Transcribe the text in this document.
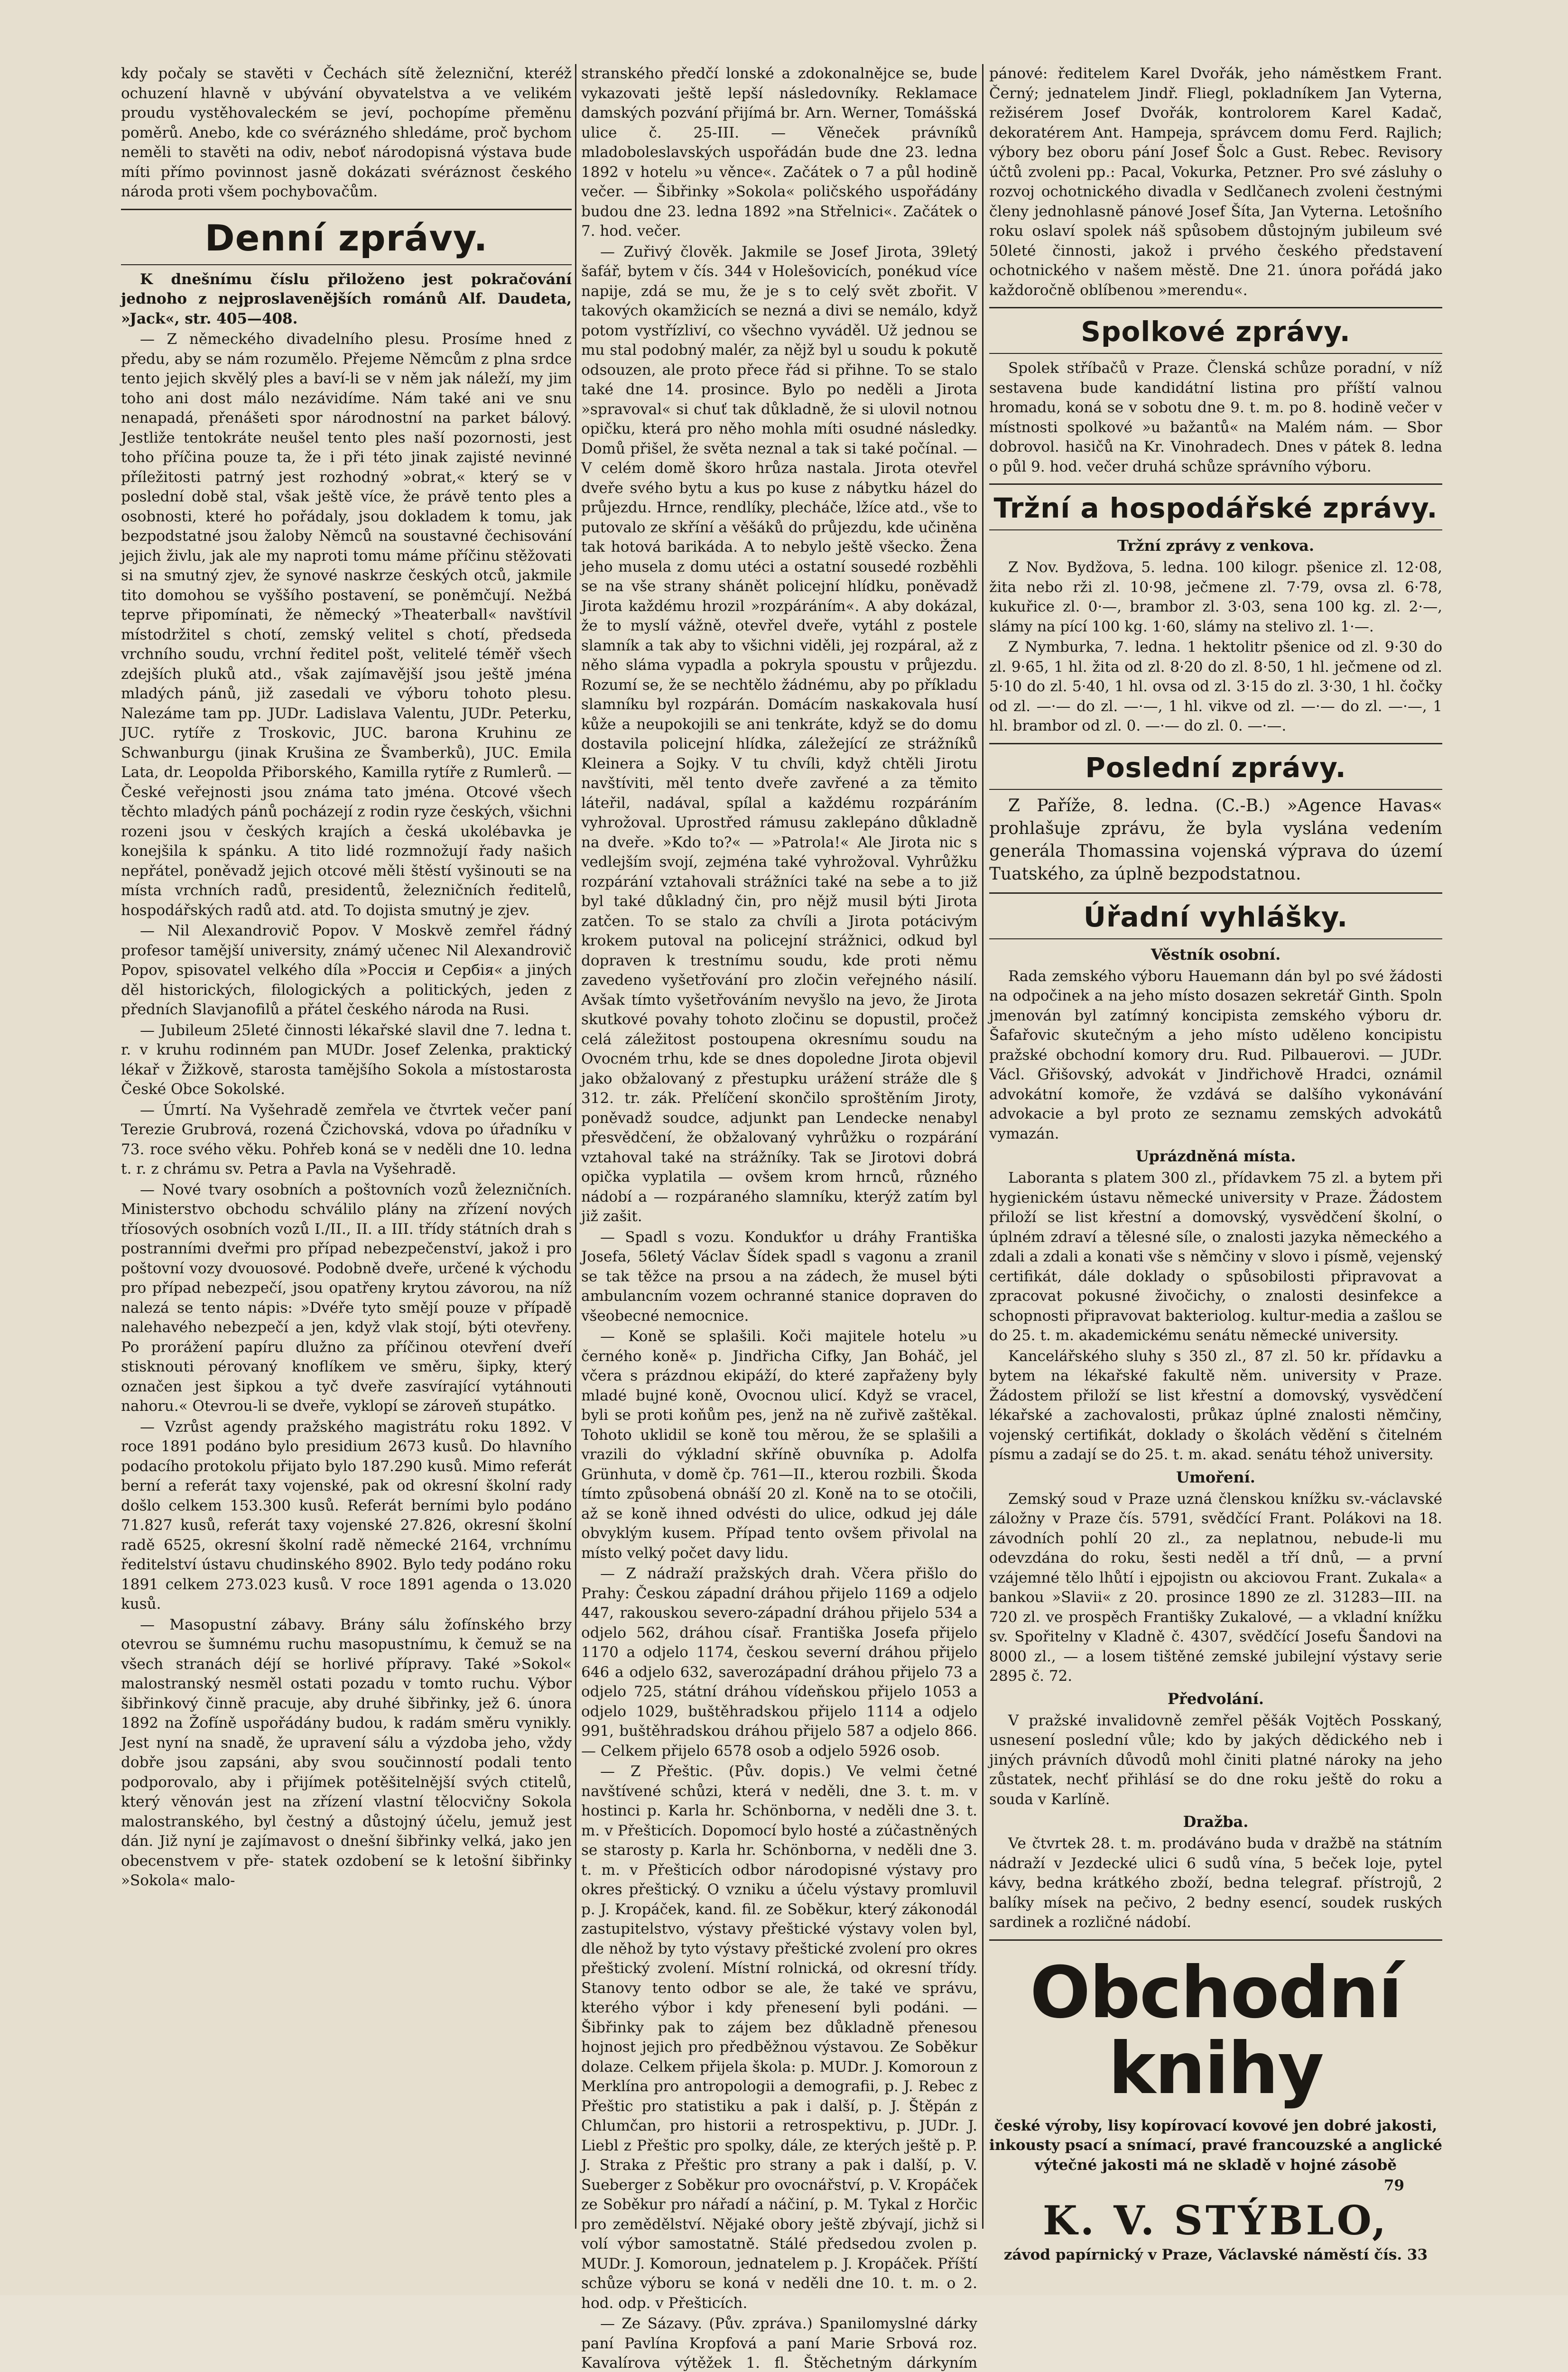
kdy počaly se stavěti v Čechách sítě železniční, kteréž ochuzení hlavně v ubývání obyvatelstva a ve velikém proudu vystěhovaleckém se jeví, pochopíme přeměnu poměrů. Anebo, kde co svérázného shledáme, proč bychom neměli to stavěti na odiv, neboť národopisná výstava bude míti přímo povinnost jasně dokázati svéráznost českého národa proti všem pochybovačům.

Denní zprávy.

K dnešnímu číslu přiloženo jest pokračování jednoho z nejproslavenějších románů Alf. Daudeta, »Jack«, str. 405—408.

— Z německého divadelního plesu. Prosíme hned z předu, aby se nám rozumělo. Přejeme Němcům z plna srdce tento jejich skvělý ples a baví-li se v něm jak náleží, my jim toho ani dost málo nezávidíme. Nám také ani ve snu nenapadá, přenášeti spor národnostní na parket bálový. Jestliže tentokráte neušel tento ples naší pozornosti, jest toho příčina pouze ta, že i při této jinak zajisté nevinné příležitosti patrný jest rozhodný »obrat,« který se v poslední době stal, však ještě více, že právě tento ples a osobnosti, které ho pořádaly, jsou dokladem k tomu, jak bezpodstatné jsou žaloby Němců na soustavné čechisování jejich živlu, jak ale my naproti tomu máme příčinu stěžovati si na smutný zjev, že synové naskrze českých otců, jakmile tito domohou se vyššího postavení, se poněmčují. Nežbá teprve připomínati, že německý »Theaterball« navštívil místodržitel s chotí, zemský velitel s chotí, předseda vrchního soudu, vrchní ředitel pošt, velitelé téměř všech zdejších pluků atd., však zajímavější jsou ještě jména mladých pánů, již zasedali ve výboru tohoto plesu. Nalezáme tam pp. JUDr. Ladislava Valentu, JUDr. Peterku, JUC. rytíře z Troskovic, JUC. barona Kruhinu ze Schwanburgu (jinak Krušina ze Švamberků), JUC. Emila Lata, dr. Leopolda Přiborského, Kamilla rytíře z Rumlerů. — České veřejnosti jsou známa tato jména. Otcové všech těchto mladých pánů pocházejí z rodin ryze českých, všichni rozeni jsou v českých krajích a česká ukolébavka je konejšila k spánku. A tito lidé rozmnožují řady našich nepřátel, poněvadž jejich otcové měli štěstí vyšinouti se na místa vrchních radů, presidentů, železničních ředitelů, hospodářských radů atd. atd. To dojista smutný je zjev.

— Nil Alexandrovič Popov. V Moskvě zemřel řádný profesor tamější university, známý učenec Nil Alexandrovič Popov, spisovatel velkého díla »Россія и Сербія« a jiných děl historických, filologických a politických, jeden z předních Slavjanofilů a přátel českého národa na Rusi.

— Jubileum 25leté činnosti lékařské slavil dne 7. ledna t. r. v kruhu rodinném pan MUDr. Josef Zelenka, praktický lékař v Žižkově, starosta tamějšího Sokola a místostarosta České Obce Sokolské.

— Úmrtí. Na Vyšehradě zemřela ve čtvrtek večer paní Terezie Grubrová, rozená Čzichovská, vdova po úřadníku v 73. roce svého věku. Pohřeb koná se v neděli dne 10. ledna t. r. z chrámu sv. Petra a Pavla na Vyšehradě.

— Nové tvary osobních a poštovních vozů železničních. Ministerstvo obchodu schválilo plány na zřízení nových tříosových osobních vozů I./II., II. a III. třídy státních drah s postranními dveřmi pro případ nebezpečenství, jakož i pro poštovní vozy dvouosové. Podobně dveře, určené k východu pro případ nebezpečí, jsou opatřeny krytou závorou, na níž nalezá se tento nápis: »Dvéře tyto smějí pouze v případě nalehavého nebezpečí a jen, když vlak stojí, býti otevřeny. Po prorážení papíru dlužno za příčinou otevření dveří stisknouti pérovaný knoflíkem ve směru, šipky, který označen jest šipkou a tyč dveře zasvírající vytáhnouti nahoru.« Otevrou-li se dveře, vyklopí se zároveň stupátko.

— Vzrůst agendy pražského magistrátu roku 1892. V roce 1891 podáno bylo presidium 2673 kusů. Do hlavního podacího protokolu přijato bylo 187.290 kusů. Mimo referát berní a referát taxy vojenské, pak od okresní školní rady došlo celkem 153.300 kusů. Referát berními bylo podáno 71.827 kusů, referát taxy vojenské 27.826, okresní školní radě 6525, okresní školní radě německé 2164, vrchnímu ředitelství ústavu chudinského 8902. Bylo tedy podáno roku 1891 celkem 273.023 kusů. V roce 1891 agenda o 13.020 kusů.

— Masopustní zábavy. Brány sálu žofínského brzy otevrou se šumnému ruchu masopustnímu, k čemuž se na všech stranách déjí se horlivé přípravy. Také »Sokol« malostranský nesměl ostati pozadu v tomto ruchu. Výbor šibřinkový činně pracuje, aby druhé šibřinky, jež 6. února 1892 na Žofíně uspořádány budou, k radám směru vynikly. Jest nyní na snadě, že upravení sálu a výzdoba jeho, vždy dobře jsou zapsáni, aby svou součinností podali tento podporovalo, aby i přijímek potěšitelnější svých ctitelů, který věnován jest na zřízení vlastní tělocvičny Sokola malostranského, byl čestný a důstojný účelu, jemuž jest dán. Již nyní je zajímavost o dnešní šibřinky velká, jako jen obecenstvem v pře- statek ozdobení se k letošní šibřinky »Sokola« malo-

stranského předčí lonské a zdokonalnějce se, bude vykazovati ještě lepší následovníky. Reklamace damských pozvání přijímá br. Arn. Werner, Tomášská ulice č. 25-III. — Věneček právníků mladoboleslavských uspořádán bude dne 23. ledna 1892 v hotelu »u věnce«. Začátek o 7 a půl hodině večer. — Šibřinky »Sokola« poličského uspořádány budou dne 23. ledna 1892 »na Střelnici«. Začátek o 7. hod. večer.

— Zuřivý člověk. Jakmile se Josef Jirota, 39letý šafář, bytem v čís. 344 v Holešovicích, ponékud více napije, zdá se mu, že je s to celý svět zbořit. V takových okamžicích se nezná a divi se nemálo, když potom vystřízliví, co všechno vyváděl. Už jednou se mu stal podobný malér, za nějž byl u soudu k pokutě odsouzen, ale proto přece řád si přihne. To se stalo také dne 14. prosince. Bylo po neděli a Jirota »spravoval« si chuť tak důkladně, že si ulovil notnou opičku, která pro něho mohla míti osudné následky. Domů přišel, že světa neznal a tak si také počínal. — V celém domě škoro hrůza nastala. Jirota otevřel dveře svého bytu a kus po kuse z nábytku házel do průjezdu. Hrnce, rendlíky, plecháče, lžíce atd., vše to putovalo ze skříní a věšáků do průjezdu, kde učiněna tak hotová barikáda. A to nebylo ještě všecko. Žena jeho musela z domu utéci a ostatní sousedé rozběhli se na vše strany shánět policejní hlídku, poněvadž Jirota každému hrozil »rozpáráním«. A aby dokázal, že to myslí vážně, otevřel dveře, vytáhl z postele slamník a tak aby to všichni viděli, jej rozpáral, až z něho sláma vypadla a pokryla spoustu v průjezdu. Rozumí se, že se nechtělo žádnému, aby po příkladu slamníku byl rozpárán. Domácím naskakovala husí kůže a neupokojili se ani tenkráte, když se do domu dostavila policejní hlídka, záležející ze strážníků Kleinera a Sojky. V tu chvíli, když chtěli Jirotu navštíviti, měl tento dveře zavřené a za těmito láteřil, nadával, spílal a každému rozpáráním vyhrožoval. Uprostřed rámusu zaklepáno důkladně na dveře. »Kdo to?« — »Patrola!« Ale Jirota nic s vedlejším svojí, zejména také vyhrožoval. Vyhrůžku rozpárání vztahovali strážníci také na sebe a to již byl také důkladný čin, pro nějž musil býti Jirota zatčen. To se stalo za chvíli a Jirota potácivým krokem putoval na policejní strážnici, odkud byl dopraven k trestnímu soudu, kde proti němu zavedeno vyšetřování pro zločin veřejného násilí. Avšak tímto vyšetřováním nevyšlo na jevo, že Jirota skutkové povahy tohoto zločinu se dopustil, pročež celá záležitost postoupena okresnímu soudu na Ovocném trhu, kde se dnes dopoledne Jirota objevil jako obžalovaný z přestupku urážení stráže dle § 312. tr. zák. Přelíčení skončilo sproštěním Jiroty, poněvadž soudce, adjunkt pan Lendecke nenabyl přesvědčení, že obžalovaný vyhrůžku o rozpárání vztahoval také na strážníky. Tak se Jirotovi dobrá opička vyplatila — ovšem krom hrnců, různého nádobí a — rozpáraného slamníku, kterýž zatím byl již zašit.

— Spadl s vozu. Kondukťor u dráhy Františka Josefa, 56letý Václav Šídek spadl s vagonu a zranil se tak těžce na prsou a na zádech, že musel býti ambulancním vozem ochranné stanice dopraven do všeobecné nemocnice.

— Koně se splašili. Koči majitele hotelu »u černého koně« p. Jindřicha Cifky, Jan Boháč, jel včera s prázdnou ekipáží, do které zapřaženy byly mladé bujné koně, Ovocnou ulicí. Když se vracel, byli se proti koňům pes, jenž na ně zuřivě zaštěkal. Tohoto uklidil se koně tou měrou, že se splašili a vrazili do výkladní skříně obuvníka p. Adolfa Grünhuta, v domě čp. 761—II., kterou rozbili. Škoda tímto způsobená obnáší 20 zl. Koně na to se otočili, až se koně ihned odvésti do ulice, odkud jej dále obvyklým kusem. Případ tento ovšem přivolal na místo velký počet davy lidu.

— Z nádraží pražských drah. Včera přišlo do Prahy: Českou západní dráhou přijelo 1169 a odjelo 447, rakouskou severo-západní dráhou přijelo 534 a odjelo 562, dráhou císař. Františka Josefa přijelo 1170 a odjelo 1174, českou severní dráhou přijelo 646 a odjelo 632, saverozápadní dráhou přijelo 73 a odjelo 725, státní dráhou vídeňskou přijelo 1053 a odjelo 1029, buštěhradskou přijelo 1114 a odjelo 991, buštěhradskou dráhou přijelo 587 a odjelo 866. — Celkem přijelo 6578 osob a odjelo 5926 osob.

— Z Přeštic. (Pův. dopis.) Ve velmi četné navštívené schůzi, která v neděli, dne 3. t. m. v hostinci p. Karla hr. Schönborna, v neděli dne 3. t. m. v Přešticích. Dopomocí bylo hosté a zúčastněných se starosty p. Karla hr. Schönborna, v neděli dne 3. t. m. v Přešticích odbor národopisné výstavy pro okres přeštický. O vzniku a účelu výstavy promluvil p. J. Kropáček, kand. fil. ze Soběkur, který zákonodál zastupitelstvo, výstavy přeštické výstavy volen byl, dle něhož by tyto výstavy přeštické zvolení pro okres přeštický zvolení. Místní rolnická, od okresní třídy. Stanovy tento odbor se ale, že také ve správu, kterého výbor i kdy přenesení byli podáni. — Šibřinky pak to zájem bez důkladně přenesou hojnost jejich pro předběžnou výstavou. Ze Soběkur dolaze. Celkem přijela škola: p. MUDr. J. Komoroun z Merklína pro antropologii a demografii, p. J. Rebec z Přeštic pro statistiku a pak i další, p. J. Štěpán z Chlumčan, pro historii a retrospektivu, p. JUDr. J. Liebl z Přeštic pro spolky, dále, ze kterých ještě p. P. J. Straka z Přeštic pro strany a pak i další, p. V. Sueberger z Soběkur pro ovocnářství, p. V. Kropáček ze Soběkur pro nářadí a náčiní, p. M. Tykal z Horčic pro zemědělství. Nějaké obory ještě zbývají, jichž si volí výbor samostatně. Stálé předsedou zvolen p. MUDr. J. Komoroun, jednatelem p. J. Kropáček. Příští schůze výboru se koná v neděli dne 10. t. m. o 2. hod. odp. v Přešticích.

— Ze Sázavy. (Pův. zpráva.) Spanilomyslné dárky paní Pavlína Kropfová a paní Marie Srbová roz. Kavalírova výtěžek 1. fl. Štěchetným dárkyním

pánové: ředitelem Karel Dvořák, jeho náměstkem Frant. Černý; jednatelem Jindř. Fliegl, pokladníkem Jan Vyterna, režisérem Josef Dvořák, kontrolorem Karel Kadač, dekoratérem Ant. Hampeja, správcem domu Ferd. Rajlich; výbory bez oboru pání Josef Šolc a Gust. Rebec. Revisory účtů zvoleni pp.: Pacal, Vokurka, Petzner. Pro své zásluhy o rozvoj ochotnického divadla v Sedlčanech zvoleni čestnými členy jednohlasně pánové Josef Šíta, Jan Vyterna. Letošního roku oslaví spolek náš spůsobem důstojným jubileum své 50leté činnosti, jakož i prvého českého představení ochotnického v našem městě. Dne 21. února pořádá jako každoročně oblíbenou »merendu«.

Spolkové zprávy.

Spolek stříbačů v Praze. Členská schůze poradní, v níž sestavena bude kandidátní listina pro příští valnou hromadu, koná se v sobotu dne 9. t. m. po 8. hodině večer v místnosti spolkové »u bažantů« na Malém nám. — Sbor dobrovol. hasičů na Kr. Vinohradech. Dnes v pátek 8. ledna o půl 9. hod. večer druhá schůze správního výboru.

Tržní a hospodářské zprávy.
Tržní zprávy z venkova.

Z Nov. Bydžova, 5. ledna. 100 kilogr. pšenice zl. 12·08, žita nebo rži zl. 10·98, ječmene zl. 7·79, ovsa zl. 6·78, kukuřice zl. 0·—, brambor zl. 3·03, sena 100 kg. zl. 2·—, slámy na pící 100 kg. 1·60, slámy na stelivo zl. 1·—.

Z Nymburka, 7. ledna. 1 hektolitr pšenice od zl. 9·30 do zl. 9·65, 1 hl. žita od zl. 8·20 do zl. 8·50, 1 hl. ječmene od zl. 5·10 do zl. 5·40, 1 hl. ovsa od zl. 3·15 do zl. 3·30, 1 hl. čočky od zl. —·— do zl. —·—, 1 hl. vikve od zl. —·— do zl. —·—, 1 hl. brambor od zl. 0. —·— do zl. 0. —·—.

Poslední zprávy.

Z Paříže, 8. ledna. (C.-B.) »Agence Havas« prohlašuje zprávu, že byla vyslána vedením generála Thomassina vojenská výprava do území Tuatského, za úplně bezpodstatnou.

Úřadní vyhlášky.
Věstník osobní.

Rada zemského výboru Hauemann dán byl po své žádosti na odpočinek a na jeho místo dosazen sekretář Ginth. Spoln jmenován byl zatímný koncipista zemského výboru dr. Šafařovic skutečným a jeho místo uděleno koncipistu pražské obchodní komory dru. Rud. Pilbauerovi. — JUDr. Václ. Gřišovský, advokát v Jindřichově Hradci, oznámil advokátní komoře, že vzdává se dalšího vykonávání advokacie a byl proto ze seznamu zemských advokátů vymazán.

Uprázdněná místa.

Laboranta s platem 300 zl., přídavkem 75 zl. a bytem při hygienickém ústavu německé university v Praze. Žádostem přiloží se list křestní a domovský, vysvědčení školní, o úplném zdraví a tělesné síle, o znalosti jazyka německého a zdali a zdali a konati vše s němčiny v slovo i písmě, vejenský certifikát, dále doklady o spůsobilosti připravovat a zpracovat pokusné živočichy, o znalosti desinfekce a schopnosti připravovat bakteriolog. kultur-media a zašlou se do 25. t. m. akademickému senátu německé university.

Kancelářského sluhy s 350 zl., 87 zl. 50 kr. přídavku a bytem na lékařské fakultě něm. university v Praze. Žádostem přiloží se list křestní a domovský, vysvědčení lékařské a zachovalosti, průkaz úplné znalosti němčiny, vojenský certifikát, doklady o školách vědění s čitelném písmu a zadají se do 25. t. m. akad. senátu téhož university.

Umoření.

Zemský soud v Praze uzná členskou knížku sv.-václavské záložny v Praze čís. 5791, svědčící Frant. Polákovi na 18. závodních pohlí 20 zl., za neplatnou, nebude-li mu odevzdána do roku, šesti neděl a tří dnů, — a první vzájemné tělo lhůtí i ejpojistn ou akciovou Frant. Zukala« a bankou »Slavii« z 20. prosince 1890 ze zl. 31283—III. na 720 zl. ve prospěch Františky Zukalové, — a vkladní knížku sv. Spořitelny v Kladně č. 4307, svědčící Josefu Šandovi na 8000 zl., — a losem tištěné zemské jubilejní výstavy serie 2895 č. 72.

Předvolání.

V pražské invalidovně zemřel pěšák Vojtěch Posskaný, usnesení poslední vůle; kdo by jakých dědického neb i jiných právních důvodů mohl činiti platné nároky na jeho zůstatek, nechť přihlásí se do dne roku ještě do roku a souda v Karlíně.

Dražba.

Ve čtvrtek 28. t. m. prodáváno buda v dražbě na státním nádraží v Jezdecké ulici 6 sudů vína, 5 beček loje, pytel kávy, bedna krátkého zboží, bedna telegraf. přístrojů, 2 balíky mísek na pečivo, 2 bedny esencí, soudek ruských sardinek a rozličné nádobí.

Obchodní knihy

české výroby, lisy kopírovací kovové jen dobré jakosti, inkousty psací a snímací, pravé francouzské a anglické výtečné jakosti má ne skladě v hojné zásobě

79

K. V. STÝBLO,

závod papírnický v Praze, Václavské náměstí čís. 33
